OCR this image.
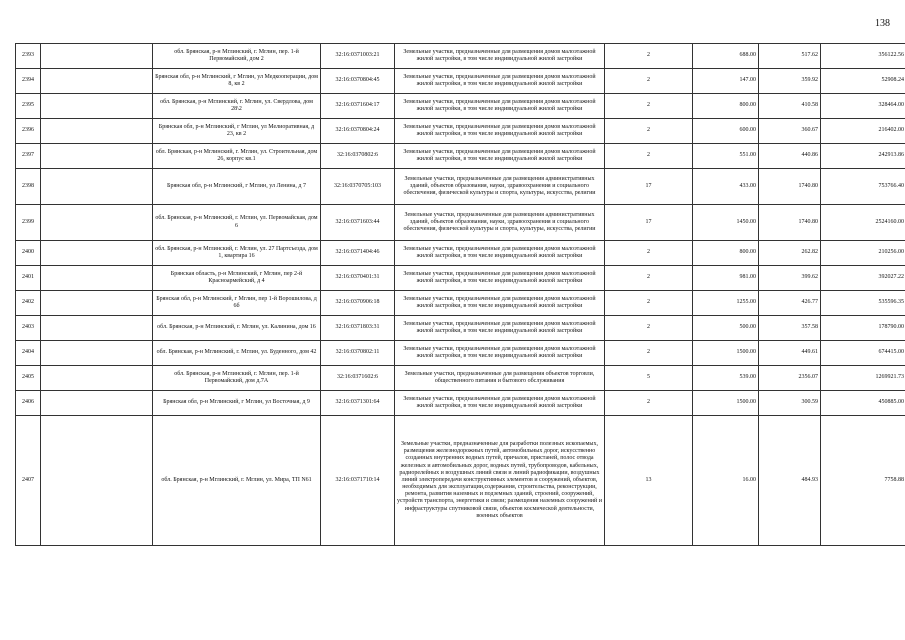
138
2393		обл. Брянская, р-н Мглинский, г. Мглин, пер. 1-й Первомайский, дом 2	32:16:0371003:21	Земельные участки, предназначенные для размещения домов малоэтажной жилой застройки, в том числе индивидуальной жилой застройки	2	688.00	517.62	356122.56
2394		Брянская обл, р-н Мглинский, г Мглин, ул Медкооперации, дом 8, кв 2	32:16:0370804:45	Земельные участки, предназначенные для размещения домов малоэтажной жилой застройки, в том числе индивидуальной жилой застройки	2	147.00	359.92	52908.24
2395		обл. Брянская, р-н Мглинский, г. Мглин, ул. Свердлова, дом 28\2	32:16:0371604:17	Земельные участки, предназначенные для размещения домов малоэтажной жилой застройки, в том числе индивидуальной жилой застройки	2	800.00	410.58	328464.00
2396		Брянская обл, р-н Мглинский, г Мглин, ул Мелиоративная, д 23, кв 2	32:16:0370804:24	Земельные участки, предназначенные для размещения домов малоэтажной жилой застройки, в том числе индивидуальной жилой застройки	2	600.00	360.67	216402.00
2397		обл. Брянская, р-н Мглинский, г. Мглин, ул. Строительная, дом 26, корпус кв.1	32:16:0370802:6	Земельные участки, предназначенные для размещения домов малоэтажной жилой застройки, в том числе индивидуальной жилой застройки	2	551.00	440.86	242913.86
2398		Брянская обл, р-н Мглинский, г Мглин, ул Ленина, д 7	32:16:0370705:103	Земельные участки, предназначенные для размещения административных зданий, объектов образования, науки, здравоохранения и социального обеспечения, физической культуры и спорта, культуры, искусства, религии	17	433.00	1740.80	753766.40
2399		обл. Брянская, р-н Мглинский, г. Мглин, ул. Первомайская, дом 6	32:16:0371603:44	Земельные участки, предназначенные для размещения административных зданий, объектов образования, науки, здравоохранения и социального обеспечения, физической культуры и спорта, культуры, искусства, религии	17	1450.00	1740.80	2524160.00
2400		обл. Брянская, р-н Мглинский, г. Мглин, ул. 27 Партсъезда, дом 1, квартира 16	32:16:0371404:46	Земельные участки, предназначенные для размещения домов малоэтажной жилой застройки, в том числе индивидуальной жилой застройки	2	800.00	262.82	210256.00
2401		Брянская область, р-н Мглинский, г Мглин, пер 2-й Красноармейский, д 4	32:16:0370401:31	Земельные участки, предназначенные для размещения домов малоэтажной жилой застройки, в том числе индивидуальной жилой застройки	2	981.00	399.62	392027.22
2402		Брянская обл, р-н Мглинский, г Мглин, пер 1-й Ворошилова, д 6б	32:16:0370906:18	Земельные участки, предназначенные для размещения домов малоэтажной жилой застройки, в том числе индивидуальной жилой застройки	2	1255.00	426.77	535596.35
2403		обл. Брянская, р-н Мглинский, г. Мглин, ул. Калинина, дом 16	32:16:0371803:31	Земельные участки, предназначенные для размещения домов малоэтажной жилой застройки, в том числе индивидуальной жилой застройки	2	500.00	357.58	178790.00
2404		обл. Брянская, р-н Мглинский, г. Мглин, ул. Буденного, дом 42	32:16:0370802:11	Земельные участки, предназначенные для размещения домов малоэтажной жилой застройки, в том числе индивидуальной жилой застройки	2	1500.00	449.61	674415.00
2405		обл. Брянская, р-н Мглинский, г. Мглин, пер. 1-й Первомайский, дом д.7А	32:16:0371602:6	Земельные участки, предназначенные для размещения объектов торговли, общественного питания и бытового обслуживания	5	539.00	2356.07	1269921.73
2406		Брянская обл, р-н Мглинский, г Мглин, ул Восточная, д 9	32:16:0371301:64	Земельные участки, предназначенные для размещения домов малоэтажной жилой застройки, в том числе индивидуальной жилой застройки	2	1500.00	300.59	450885.00
2407		обл. Брянская, р-н Мглинский, г. Мглин, ул. Мира, ТП N61	32:16:0371710:14	Земельные участки, предназначенные для разработки полезных ископаемых, размещения железнодорожных путей, автомобильных дорог, искусственно созданных внутренних водных путей, причалов, пристаней, полос отвода железных и автомобильных дорог, водных путей, трубопроводов, кабельных, радиорелейных и воздушных линий связи и линий радиофикации, воздушных линий электропередачи конструктивных элементов и сооружений, объектов, необходимых для эксплуатации,содержания, строительства, реконструкции, ремонта, развития наземных и подземных зданий, строений, сооружений, устройств транспорта, энергетики и связи; размещения наземных сооружений и инфраструктуры спутниковой связи, объектов космической деятельности, военных объектов	13	16.00	484.93	7758.88
